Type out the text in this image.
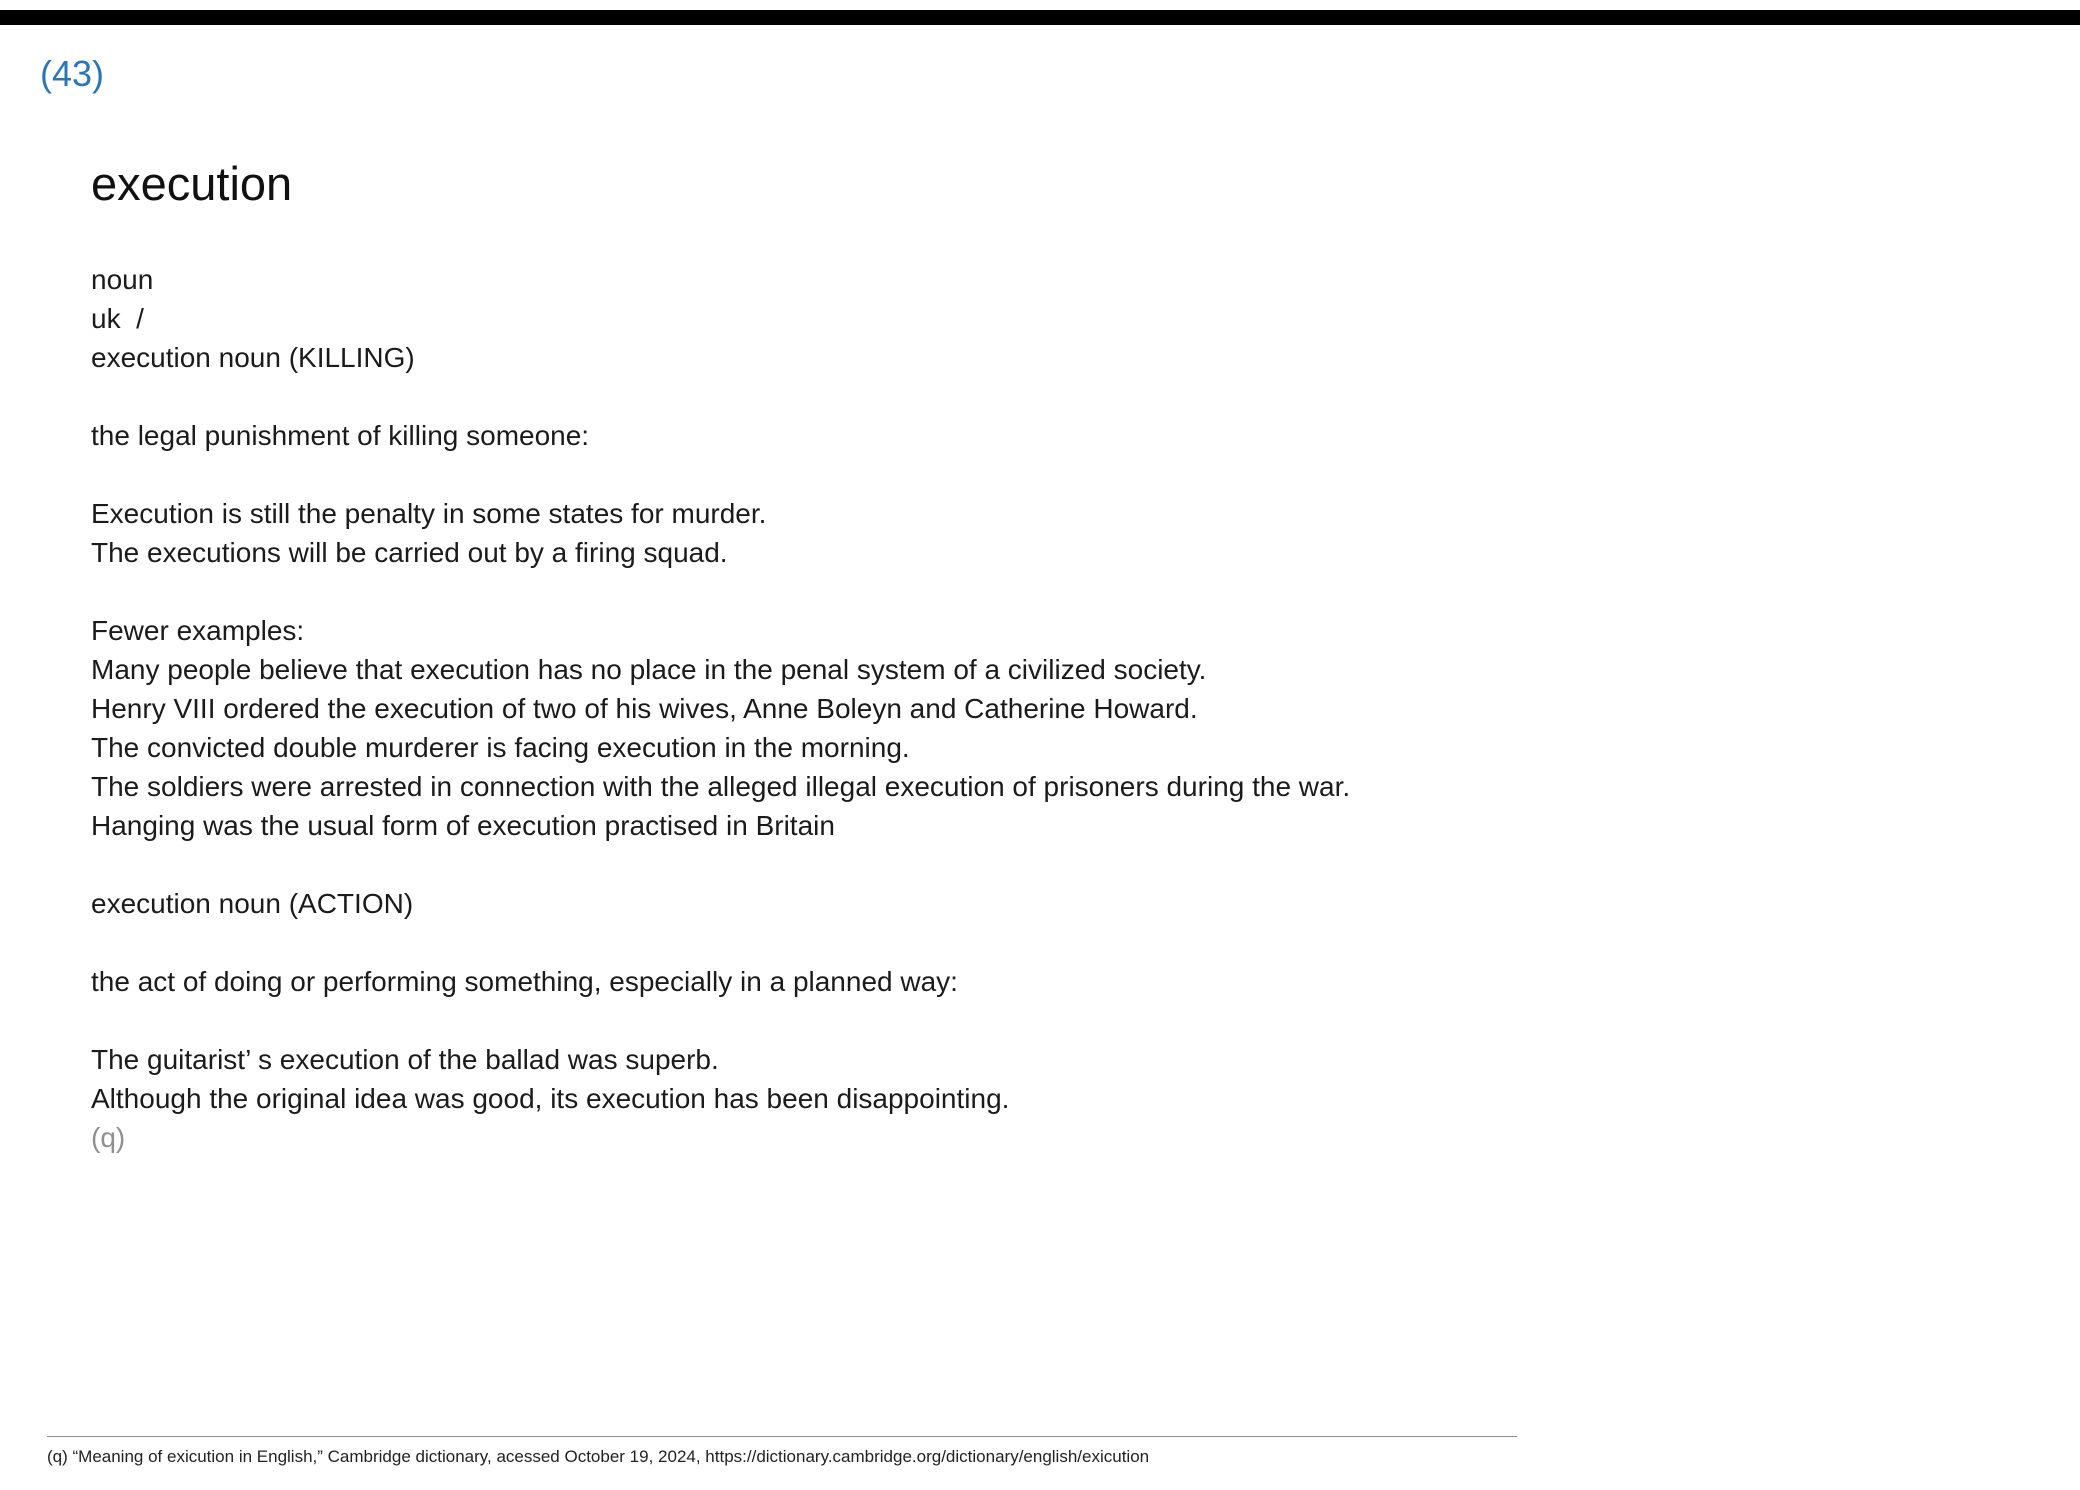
(43)
execution

noun

uk  /

execution noun (KILLING)

the legal punishment of killing someone:

Execution is still the penalty in some states for murder.

The executions will be carried out by a firing squad.

Fewer examples:

Many people believe that execution has no place in the penal system of a civilized society.

Henry VIII ordered the execution of two of his wives, Anne Boleyn and Catherine Howard.

The convicted double murderer is facing execution in the morning.

The soldiers were arrested in connection with the alleged illegal execution of prisoners during the war.

Hanging was the usual form of execution practised in Britain

execution noun (ACTION)

the act of doing or performing something, especially in a planned way:

The guitarist’ s execution of the ballad was superb.

Although the original idea was good, its execution has been disappointing.

(q)

(q) “Meaning of exicution in English,” Cambridge dictionary, acessed October 19, 2024, https://dictionary.cambridge.org/dictionary/english/exicution
